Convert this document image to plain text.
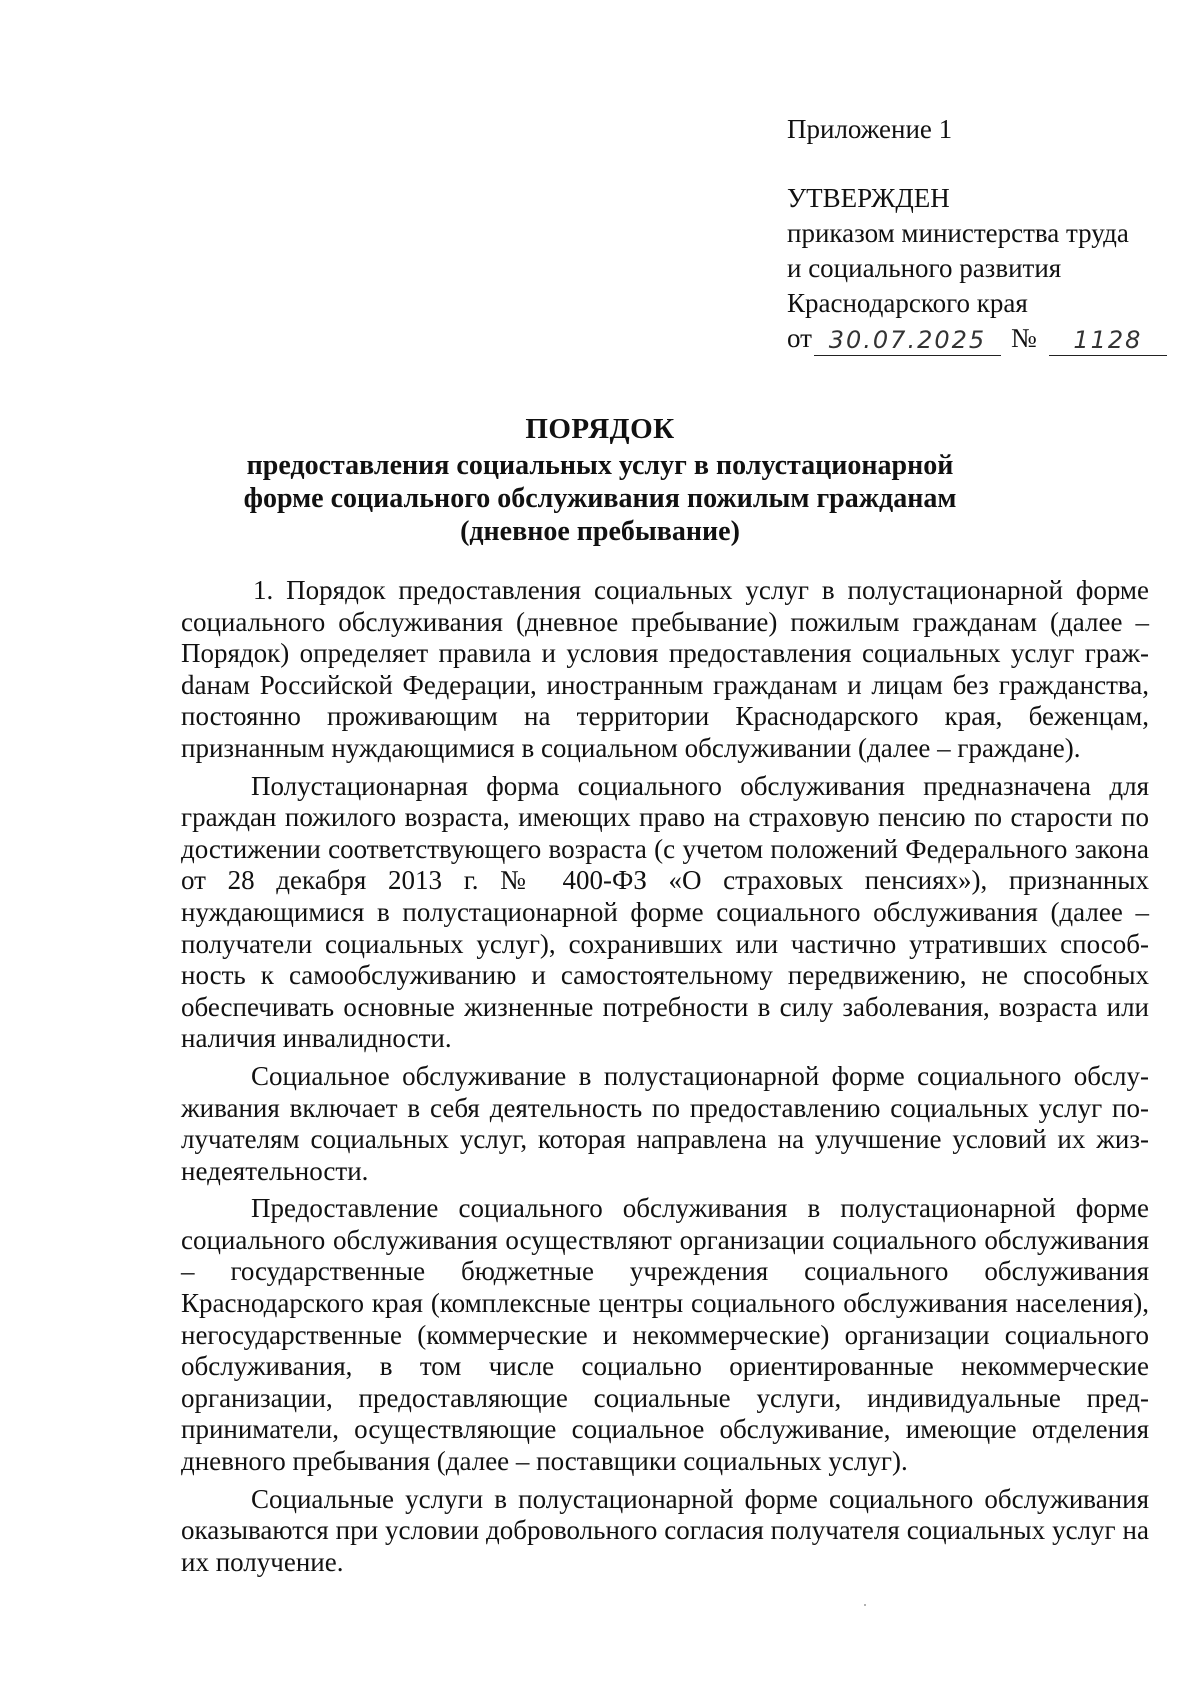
Приложение 1
УТВЕРЖДЕН
приказом министерства труда
и социального развития
Краснодарского края
от 30.07.2025 №	1128
ПОРЯДОК
предоставления социальных услуг в полустационарной
форме социального обслуживания пожилым гражданам
(дневное пребывание)

1. Порядок предоставления социальных услуг в полустационарной форме социального обслуживания (дневное пребывание) пожилым гражданам (далее – Порядок) определяет правила и условия предоставления социальных услуг гражdанам Российской Федерации, иностранным гражданам и лицам без гражданства, постоянно проживающим на территории Краснодарского края, беженцам, признанным нуждающимися в социальном обслуживании (далее – граждане).

Полустационарная форма социального обслуживания предназначена для граждан пожилого возраста, имеющих право на страховую пенсию по старости по достижении соответствующего возраста (с учетом положений Федерального закона от 28 декабря 2013 г. № 400-ФЗ «О страховых пенсиях»), признанных нуждающимися в полустационарной форме социального обслуживания (далее – получатели социальных услуг), сохранивших или частично утративших способность к самообслуживанию и самостоятельному передвижению, не способных обеспечивать основные жизненные потребности в силу заболевания, возраста или наличия инвалидности.

Социальное обслуживание в полустационарной форме социального обслуживания включает в себя деятельность по предоставлению социальных услуг получателям социальных услуг, которая направлена на улучшение условий их жизнедеятельности.

Предоставление социального обслуживания в полустационарной форме социального обслуживания осуществляют организации социального обслуживания – государственные бюджетные учреждения социального обслуживания Краснодарского края (комплексные центры социального обслуживания населения), негосударственные (коммерческие и некоммерческие) организации социального обслуживания, в том числе социально ориентированные некоммерческие организации, предоставляющие социальные услуги, индивидуальные предприниматели, осуществляющие социальное обслуживание, имеющие отделения дневного пребывания (далее – поставщики социальных услуг).

Социальные услуги в полустационарной форме социального обслуживания оказываются при условии добровольного согласия получателя социальных услуг на их получение.
